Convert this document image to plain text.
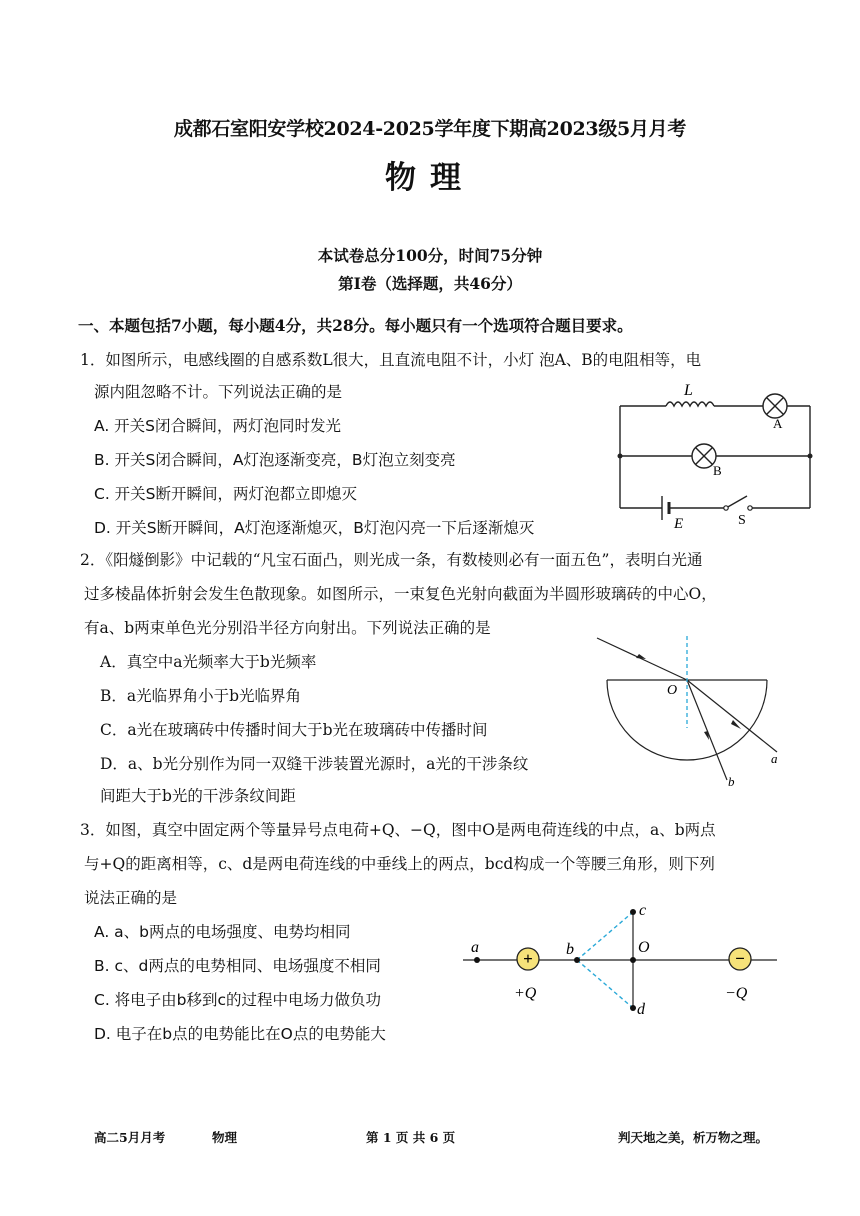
成都石室阳安学校2024-2025学年度下期高2023级5月月考
物理
本试卷总分100分，时间75分钟
第Ⅰ卷（选择题，共46分）
一、本题包括7小题，每小题4分，共28分。每小题只有一个选项符合题目要求。
1．如图所示，电感线圈的自感系数L很大，且直流电阻不计，小灯 泡A、B的电阻相等，电
源内阻忽略不计。下列说法正确的是
A. 开关S闭合瞬间，两灯泡同时发光
B. 开关S闭合瞬间，A灯泡逐渐变亮，B灯泡立刻变亮
C. 开关S断开瞬间，两灯泡都立即熄灭
D. 开关S断开瞬间，A灯泡逐渐熄灭，B灯泡闪亮一下后逐渐熄灭
L
A
B
E	S
2．《阳燧倒影》中记载的“凡宝石面凸，则光成一条，有数棱则必有一面五色”，表明白光通
过多棱晶体折射会发生色散现象。如图所示，一束复色光射向截面为半圆形玻璃砖的中心O，
有a、b两束单色光分别沿半径方向射出。下列说法正确的是
A．真空中a光频率大于b光频率
B．a光临界角小于b光临界角
C．a光在玻璃砖中传播时间大于b光在玻璃砖中传播时间
D．a、b光分别作为同一双缝干涉装置光源时，a光的干涉条纹
间距大于b光的干涉条纹间距
O
a
b
3．如图，真空中固定两个等量异号点电荷+Q、−Q，图中O是两电荷连线的中点，a、b两点
与+Q的距离相等，c、d是两电荷连线的中垂线上的两点，bcd构成一个等腰三角形，则下列
说法正确的是
A. a、b两点的电场强度、电势均相同
B. c、d两点的电势相同、电场强度不相同
C. 将电子由b移到c的过程中电场力做负功
D. 电子在b点的电势能比在O点的电势能大
+	−
a	b
c
d
O
+Q	−Q
高二5月月考	物理	第 1 页 共 6 页	判天地之美，析万物之理。
